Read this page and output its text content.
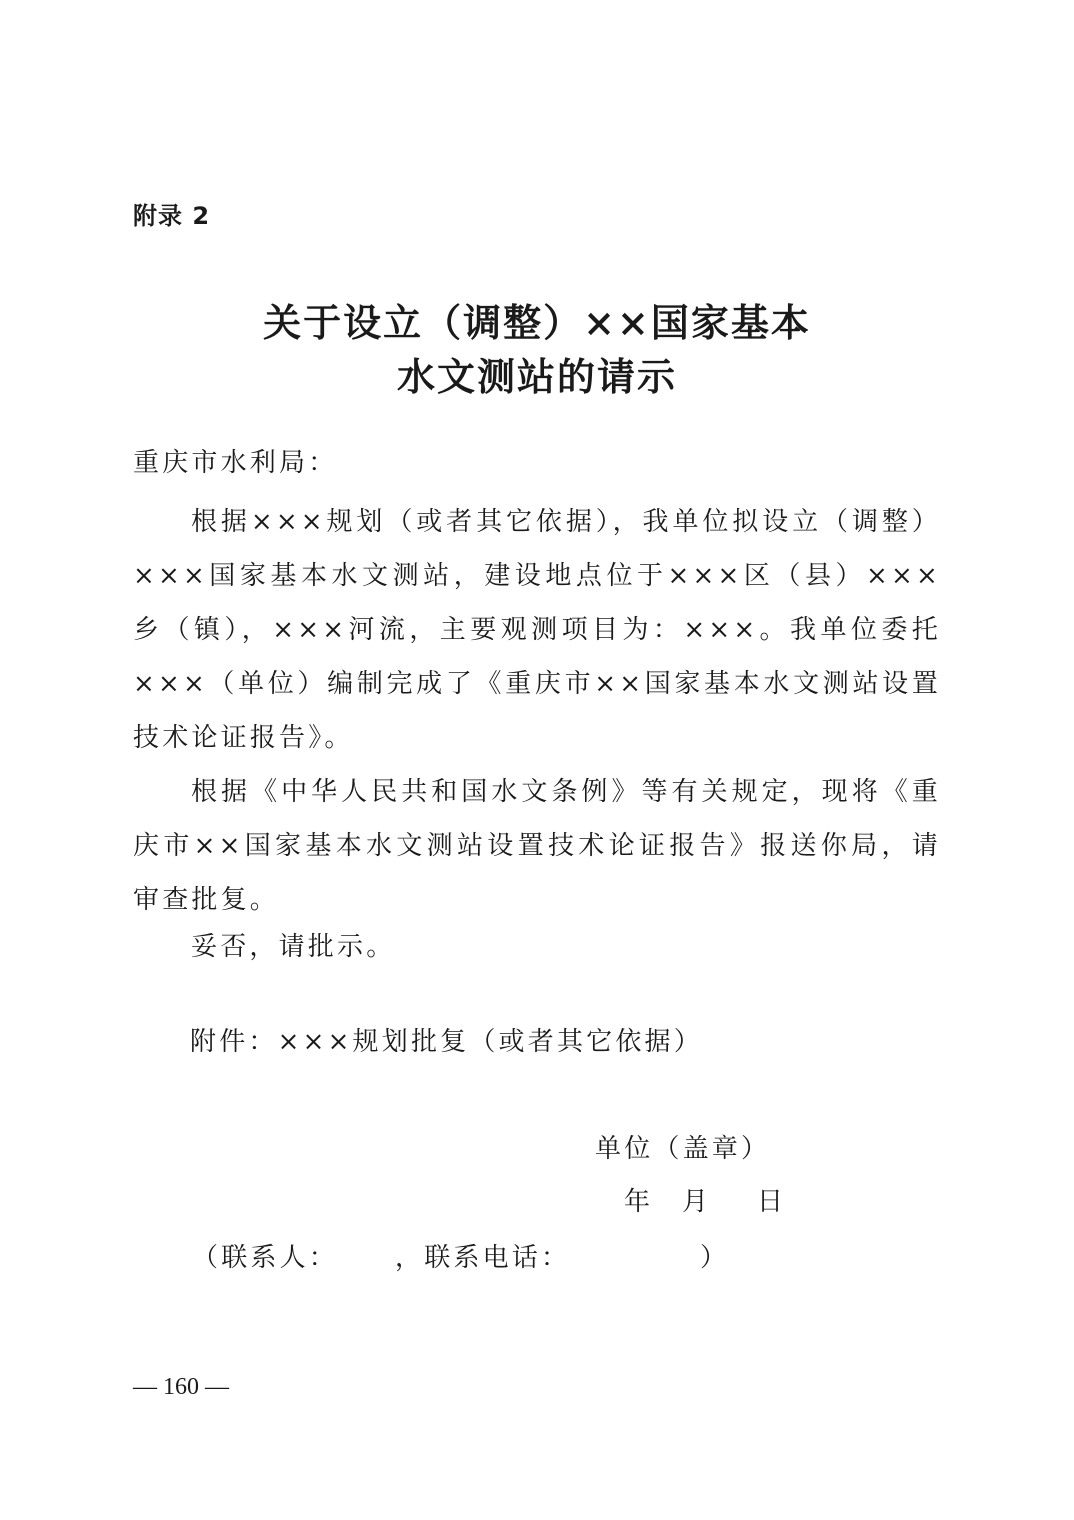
附录 2
关于设立（调整）××国家基本
水文测站的请示
重庆市水利局：

根据×××规划（或者其它依据），我单位拟设立（调整）×××国家基本水文测站，建设地点位于×××区（县）×××乡（镇），×××河流，主要观测项目为：×××。我单位委托×××（单位）编制完成了《重庆市××国家基本水文测站设置技术论证报告》。

根据《中华人民共和国水文条例》等有关规定，现将《重庆市××国家基本水文测站设置技术论证报告》报送你局，请审查批复。

妥否，请批示。

附件：×××规划批复（或者其它依据）
单位（盖章）
年 月 日
（联系人： ，联系电话：	）
— 160 —
